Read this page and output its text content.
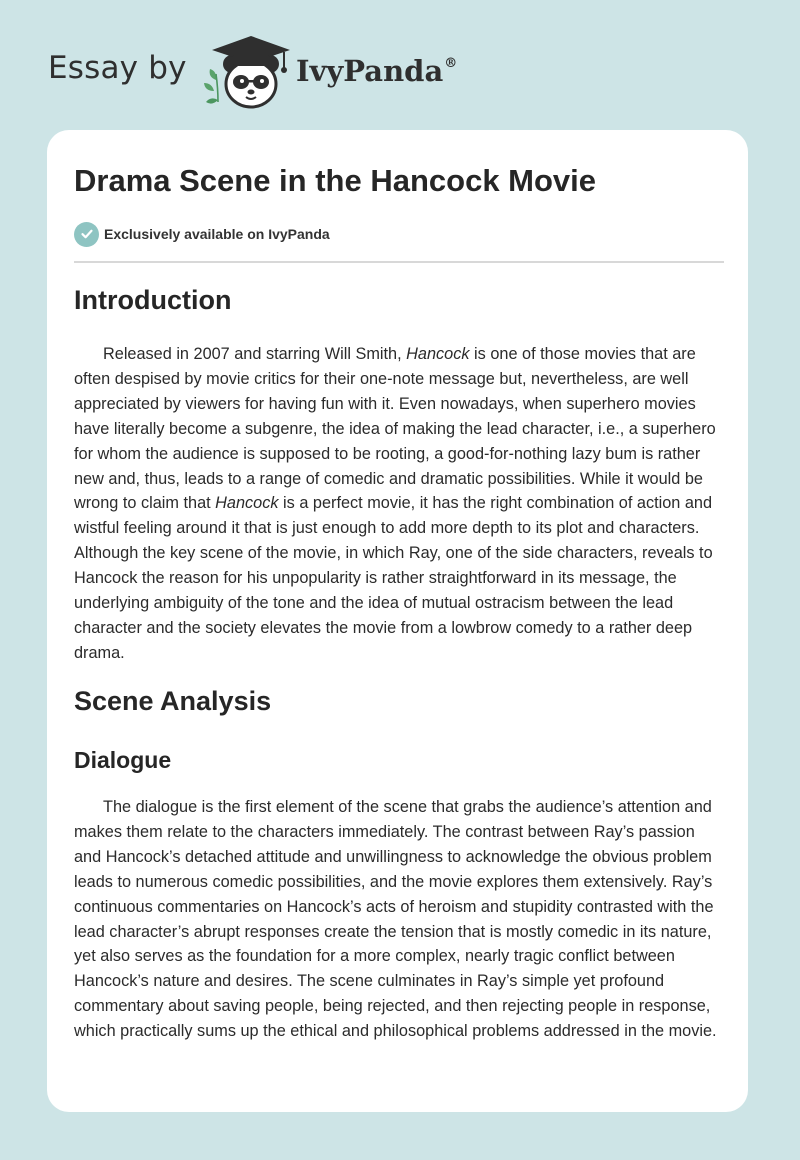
Essay by	IvyPanda®
Drama Scene in the Hancock Movie
Exclusively available on IvyPanda
Introduction

Released in 2007 and starring Will Smith, Hancock is one of those movies that are often despised by movie critics for their one-note message but, nevertheless, are well appreciated by viewers for having fun with it. Even nowadays, when superhero movies have literally become a subgenre, the idea of making the lead character, i.e., a superhero for whom the audience is supposed to be rooting, a good-for-nothing lazy bum is rather new and, thus, leads to a range of comedic and dramatic possibilities. While it would be wrong to claim that Hancock is a perfect movie, it has the right combination of action and wistful feeling around it that is just enough to add more depth to its plot and characters. Although the key scene of the movie, in which Ray, one of the side characters, reveals to Hancock the reason for his unpopularity is rather straightforward in its message, the underlying ambiguity of the tone and the idea of mutual ostracism between the lead character and the society elevates the movie from a lowbrow comedy to a rather deep drama.

Scene Analysis
Dialogue

The dialogue is the first element of the scene that grabs the audience’s attention and makes them relate to the characters immediately. The contrast between Ray’s passion and Hancock’s detached attitude and unwillingness to acknowledge the obvious problem leads to numerous comedic possibilities, and the movie explores them extensively. Ray’s continuous commentaries on Hancock’s acts of heroism and stupidity contrasted with the lead character’s abrupt responses create the tension that is mostly comedic in its nature, yet also serves as the foundation for a more complex, nearly tragic conflict between Hancock’s nature and desires. The scene culminates in Ray’s simple yet profound commentary about saving people, being rejected, and then rejecting people in response, which practically sums up the ethical and philosophical problems addressed in the movie.
